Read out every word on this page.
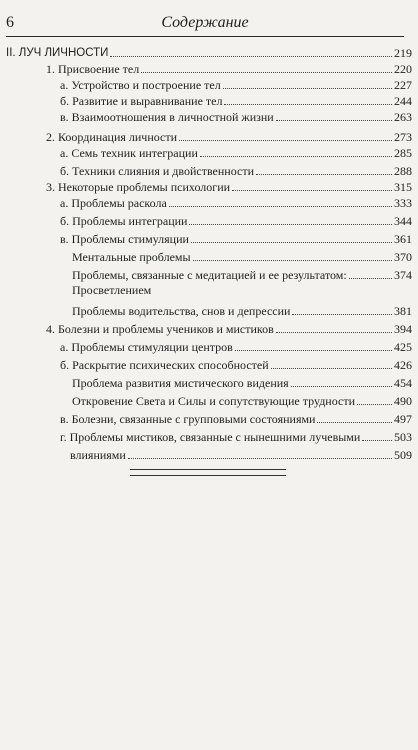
6	Содержание
II. ЛУЧ ЛИЧНОСТИ	219
1. Присвоение тел	220
а. Устройство и построение тел	227
б. Развитие и выравнивание тел	244
в. Взаимоотношения в личностной жизни	263
2. Координация личности	273
а. Семь техник интеграции	285
б. Техники слияния и двойственности	288
3. Некоторые проблемы психологии	315
а. Проблемы раскола	333
б. Проблемы интеграции	344
в. Проблемы стимуляции	361
Ментальные проблемы	370
Проблемы, связанные с медитацией и ее результатом:	374
Просветлением
Проблемы водительства, снов и депрессии	381
4. Болезни и проблемы учеников и мистиков	394
а. Проблемы стимуляции центров	425
б. Раскрытие психических способностей	426
Проблема развития мистического видения	454
Откровение Света и Силы и сопутствующие трудности	490
в. Болезни, связанные с групповыми состояниями	497
г. Проблемы мистиков, связанные с нынешними лучевыми	503
влияниями	509
